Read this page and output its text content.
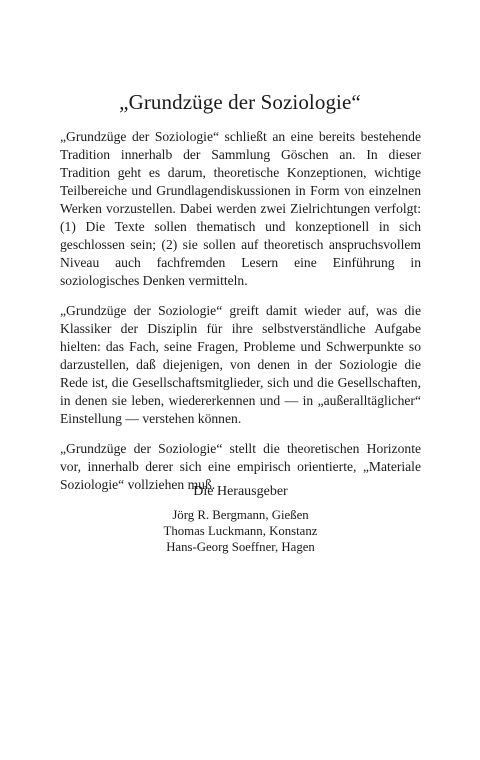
„Grundzüge der Soziologie“

„Grundzüge der Soziologie“ schließt an eine bereits bestehende Tradition innerhalb der Sammlung Göschen an. In dieser Tradition geht es darum, theoretische Konzeptionen, wichtige Teilbereiche und Grundlagendiskussionen in Form von einzelnen Werken vorzustellen. Dabei werden zwei Zielrichtungen verfolgt: (1) Die Texte sollen thematisch und konzeptionell in sich geschlossen sein; (2) sie sollen auf theoretisch anspruchsvollem Niveau auch fachfremden Lesern eine Einführung in soziologisches Denken vermitteln.

„Grundzüge der Soziologie“ greift damit wieder auf, was die Klassiker der Disziplin für ihre selbstverständliche Aufgabe hielten: das Fach, seine Fragen, Probleme und Schwerpunkte so darzustellen, daß diejenigen, von denen in der Soziologie die Rede ist, die Gesellschaftsmitglieder, sich und die Gesellschaften, in denen sie leben, wiedererkennen und — in „außeralltäglicher“ Einstellung — verstehen können.

„Grundzüge der Soziologie“ stellt die theoretischen Horizonte vor, innerhalb derer sich eine empirisch orientierte, „Materiale Soziologie“ vollziehen muß.

Die Herausgeber
Jörg R. Bergmann, Gießen
Thomas Luckmann, Konstanz
Hans-Georg Soeffner, Hagen
